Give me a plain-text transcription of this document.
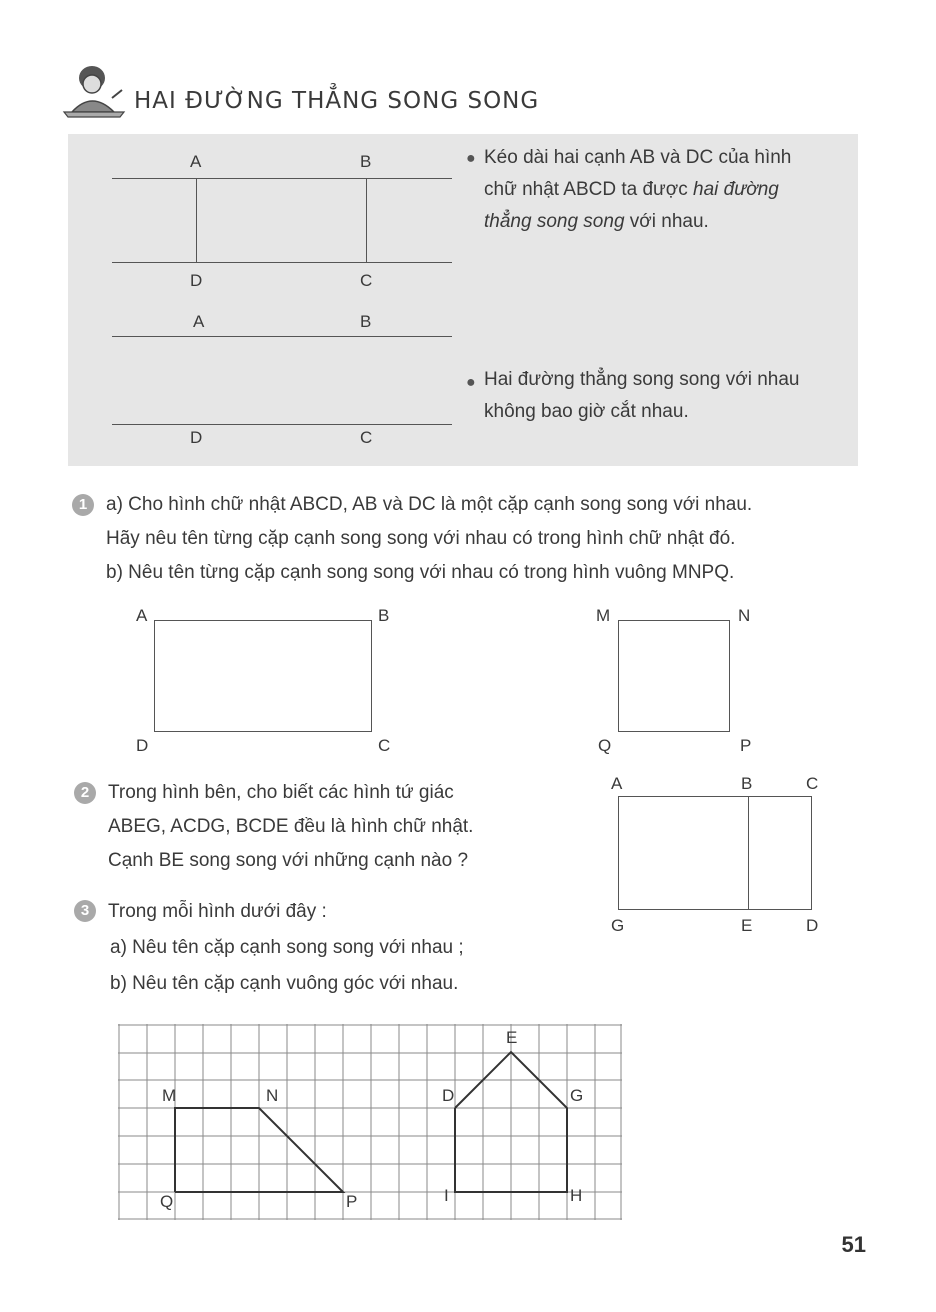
HAI ĐƯỜNG THẲNG SONG SONG
A	B
D	C
A	B
D	C
● Kéo dài hai cạnh AB và DC của hình
chữ nhật ABCD ta được hai đường
thẳng song song với nhau.
● Hai đường thẳng song song với nhau
không bao giờ cắt nhau.
1 a) Cho hình chữ nhật ABCD, AB và DC là một cặp cạnh song song với nhau.
Hãy nêu tên từng cặp cạnh song song với nhau có trong hình chữ nhật đó.
b) Nêu tên từng cặp cạnh song song với nhau có trong hình vuông MNPQ.
A	B
D	C
M	N
Q	P
2 Trong hình bên, cho biết các hình tứ giác
ABEG, ACDG, BCDE đều là hình chữ nhật.
Cạnh BE song song với những cạnh nào ?
A	B	C
G	E	D
3 Trong mỗi hình dưới đây :
a) Nêu tên cặp cạnh song song với nhau ;
b) Nêu tên cặp cạnh vuông góc với nhau.
M	N
Q	P
E
D	G
I	H
51
